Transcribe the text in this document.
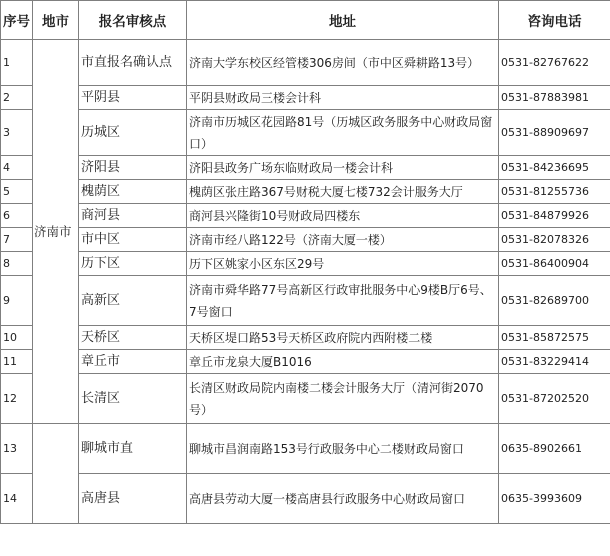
序号	地市	报名审核点	地址	咨询电话
1	济南市	市直报名确认点	济南大学东校区经管楼306房间（市中区舜耕路13号）	0531-82767622
2		平阴县	平阴县财政局三楼会计科	0531-87883981
3		历城区	济南市历城区花园路81号（历城区政务服务中心财政局窗口）	0531-88909697
4		济阳县	济阳县政务广场东临财政局一楼会计科	0531-84236695
5		槐荫区	槐荫区张庄路367号财税大厦七楼732会计服务大厅	0531-81255736
6		商河县	商河县兴隆街10号财政局四楼东	0531-84879926
7		市中区	济南市经八路122号（济南大厦一楼）	0531-82078326
8		历下区	历下区姚家小区东区29号	0531-86400904
9		高新区	济南市舜华路77号高新区行政审批服务中心9楼B厅6号、7号窗口	0531-82689700
10		天桥区	天桥区堤口路53号天桥区政府院内西附楼二楼	0531-85872575
11		章丘市	章丘市龙泉大厦B1016	0531-83229414
12		长清区	长清区财政局院内南楼二楼会计服务大厅（清河街2070号）	0531-87202520
13		聊城市直	聊城市昌润南路153号行政服务中心二楼财政局窗口	0635-8902661
14		高唐县	高唐县劳动大厦一楼高唐县行政服务中心财政局窗口	0635-3993609
